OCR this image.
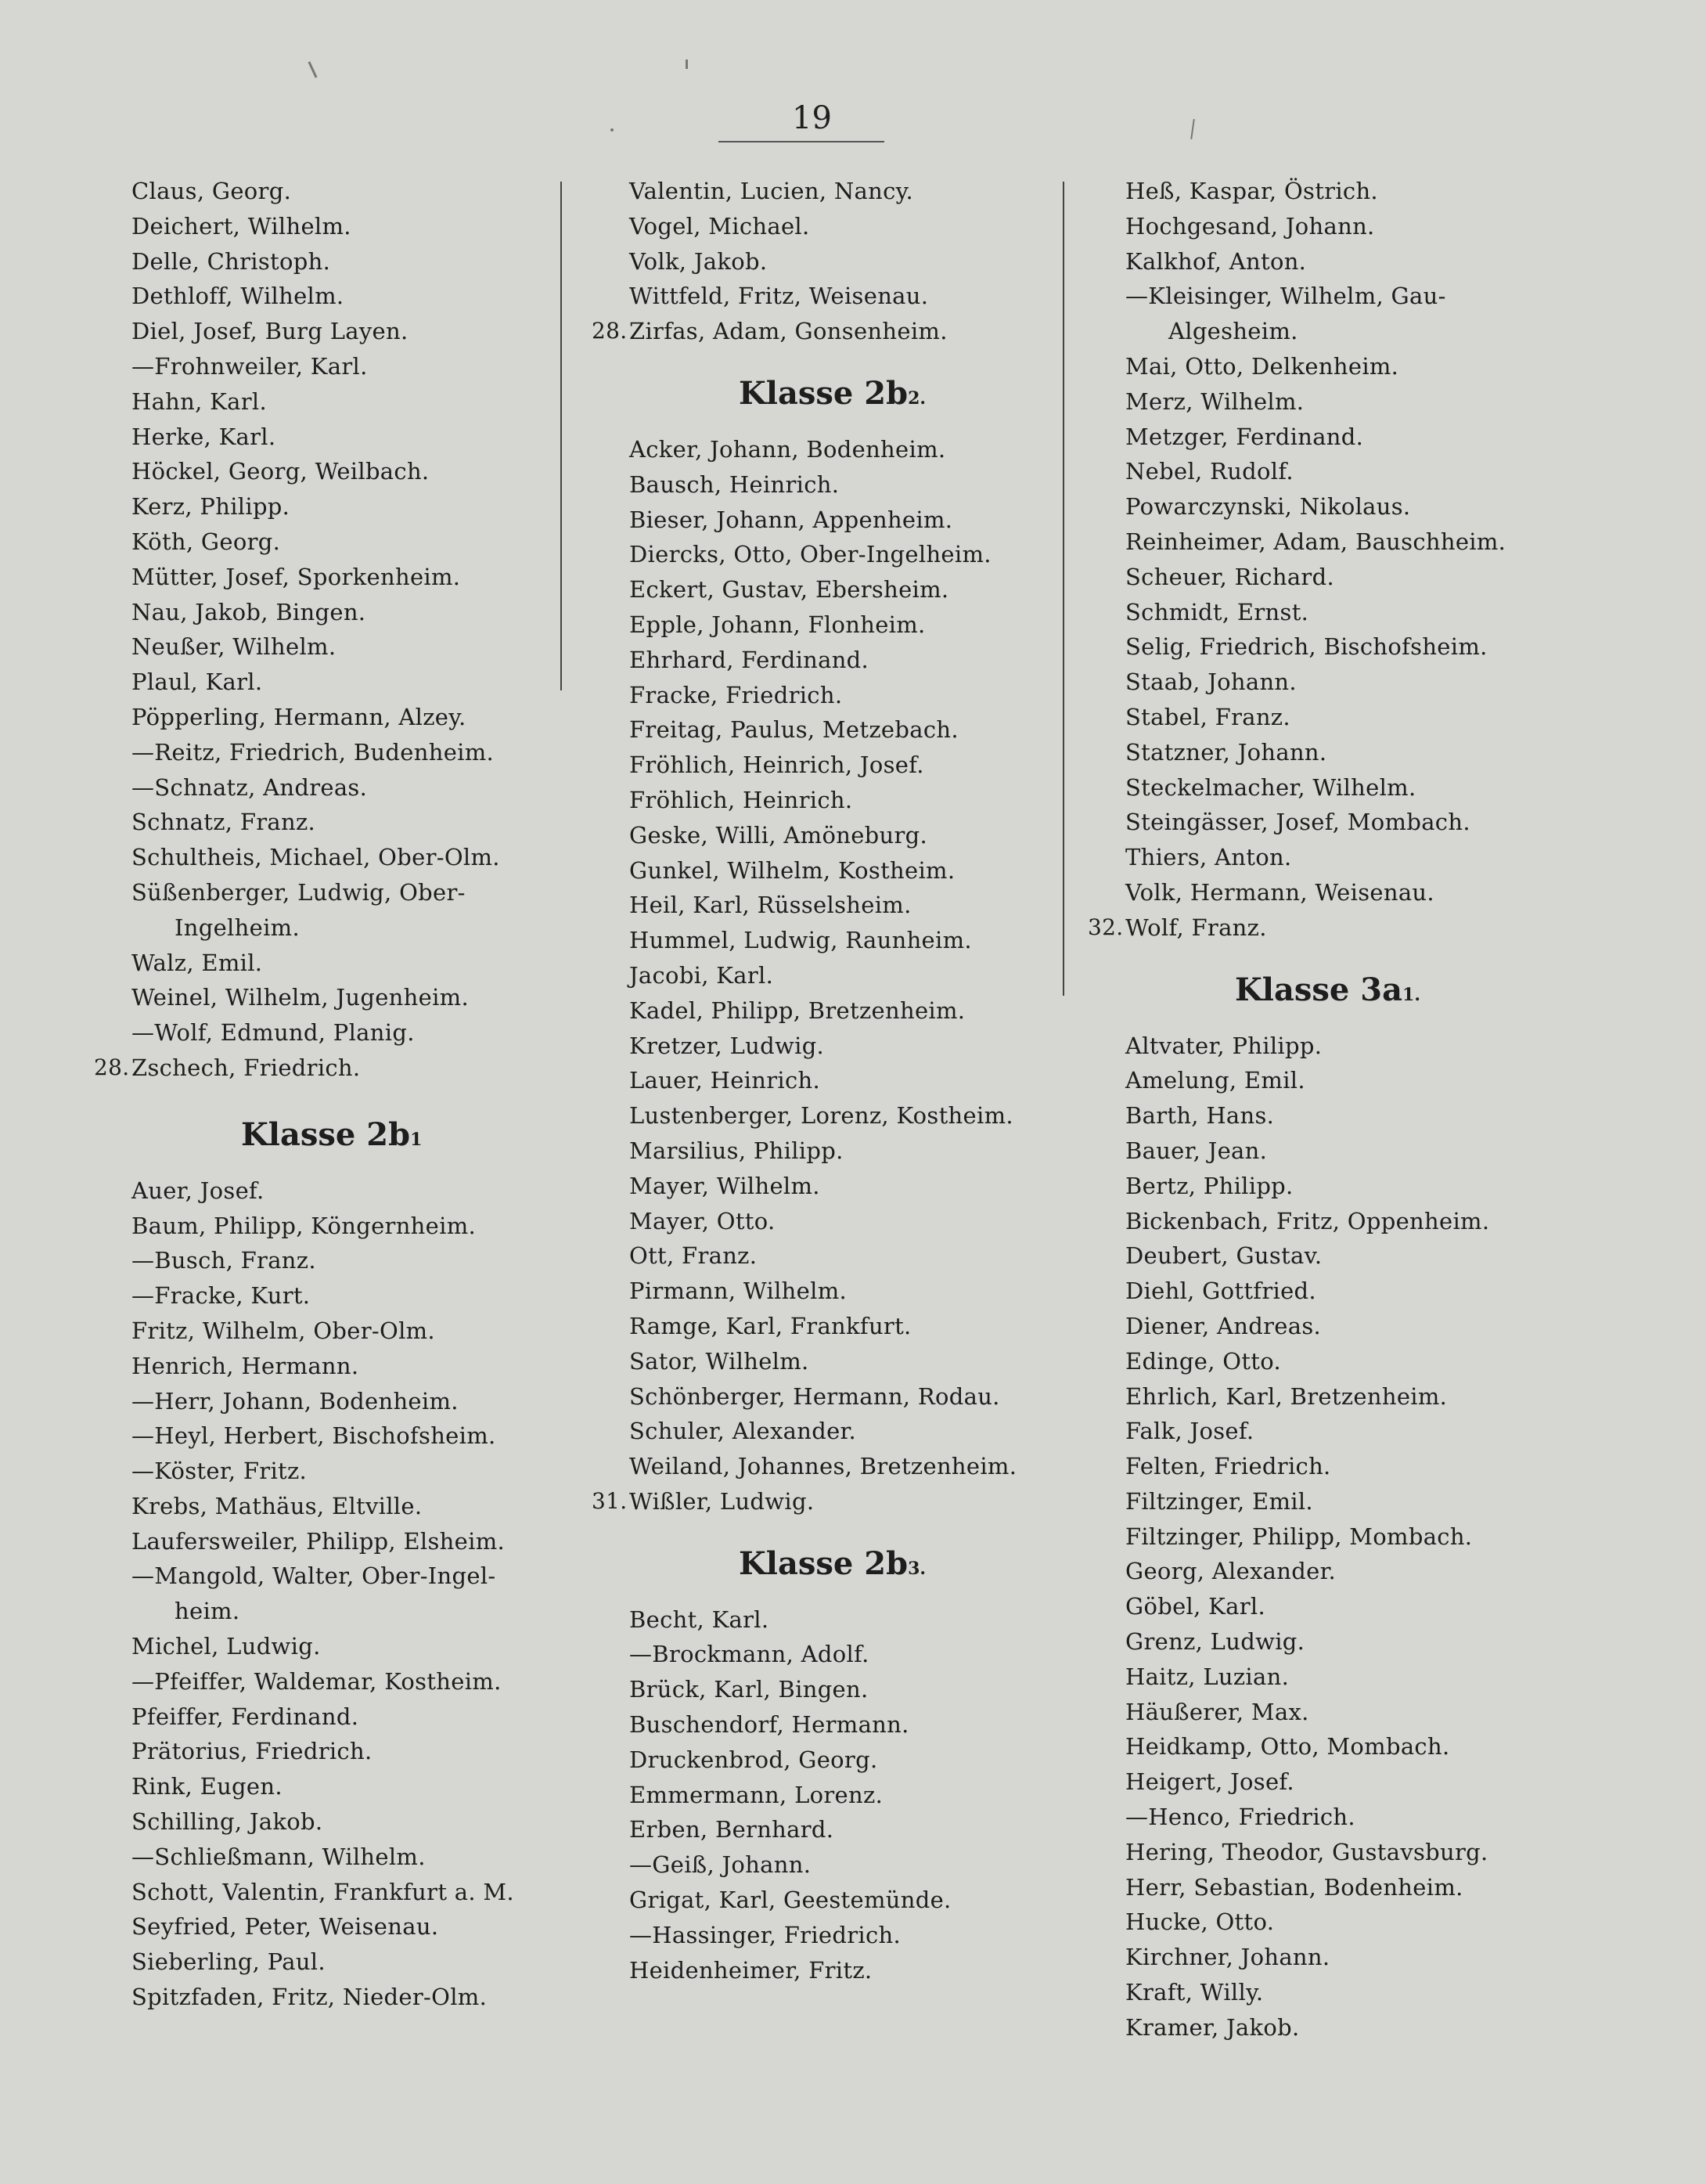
19
Claus, Georg.
Deichert, Wilhelm.
Delle, Christoph.
Dethloff, Wilhelm.
Diel, Josef, Burg Layen.
—Frohnweiler, Karl.
Hahn, Karl.
Herke, Karl.
Höckel, Georg, Weilbach.
Kerz, Philipp.
Köth, Georg.
Mütter, Josef, Sporkenheim.
Nau, Jakob, Bingen.
Neußer, Wilhelm.
Plaul, Karl.
Pöpperling, Hermann, Alzey.
—Reitz, Friedrich, Budenheim.
—Schnatz, Andreas.
Schnatz, Franz.
Schultheis, Michael, Ober-Olm.
Süßenberger, Ludwig, Ober-
Ingelheim.
Walz, Emil.
Weinel, Wilhelm, Jugenheim.
—Wolf, Edmund, Planig.
28. Zschech, Friedrich.
Klasse 2b1
Auer, Josef.
Baum, Philipp, Köngernheim.
—Busch, Franz.
—Fracke, Kurt.
Fritz, Wilhelm, Ober-Olm.
Henrich, Hermann.
—Herr, Johann, Bodenheim.
—Heyl, Herbert, Bischofsheim.
—Köster, Fritz.
Krebs, Mathäus, Eltville.
Laufersweiler, Philipp, Elsheim.
—Mangold, Walter, Ober-Ingel-
heim.
Michel, Ludwig.
—Pfeiffer, Waldemar, Kostheim.
Pfeiffer, Ferdinand.
Prätorius, Friedrich.
Rink, Eugen.
Schilling, Jakob.
—Schließmann, Wilhelm.
Schott, Valentin, Frankfurt a. M.
Seyfried, Peter, Weisenau.
Sieberling, Paul.
Spitzfaden, Fritz, Nieder-Olm.
Valentin, Lucien, Nancy.
Vogel, Michael.
Volk, Jakob.
Wittfeld, Fritz, Weisenau.
28. Zirfas, Adam, Gonsenheim.
Klasse 2b2.
Acker, Johann, Bodenheim.
Bausch, Heinrich.
Bieser, Johann, Appenheim.
Diercks, Otto, Ober-Ingelheim.
Eckert, Gustav, Ebersheim.
Epple, Johann, Flonheim.
Ehrhard, Ferdinand.
Fracke, Friedrich.
Freitag, Paulus, Metzebach.
Fröhlich, Heinrich, Josef.
Fröhlich, Heinrich.
Geske, Willi, Amöneburg.
Gunkel, Wilhelm, Kostheim.
Heil, Karl, Rüsselsheim.
Hummel, Ludwig, Raunheim.
Jacobi, Karl.
Kadel, Philipp, Bretzenheim.
Kretzer, Ludwig.
Lauer, Heinrich.
Lustenberger, Lorenz, Kostheim.
Marsilius, Philipp.
Mayer, Wilhelm.
Mayer, Otto.
Ott, Franz.
Pirmann, Wilhelm.
Ramge, Karl, Frankfurt.
Sator, Wilhelm.
Schönberger, Hermann, Rodau.
Schuler, Alexander.
Weiland, Johannes, Bretzenheim.
31. Wißler, Ludwig.
Klasse 2b3.
Becht, Karl.
—Brockmann, Adolf.
Brück, Karl, Bingen.
Buschendorf, Hermann.
Druckenbrod, Georg.
Emmermann, Lorenz.
Erben, Bernhard.
—Geiß, Johann.
Grigat, Karl, Geestemünde.
—Hassinger, Friedrich.
Heidenheimer, Fritz.
Heß, Kaspar, Östrich.
Hochgesand, Johann.
Kalkhof, Anton.
—Kleisinger, Wilhelm, Gau-
Algesheim.
Mai, Otto, Delkenheim.
Merz, Wilhelm.
Metzger, Ferdinand.
Nebel, Rudolf.
Powarczynski, Nikolaus.
Reinheimer, Adam, Bauschheim.
Scheuer, Richard.
Schmidt, Ernst.
Selig, Friedrich, Bischofsheim.
Staab, Johann.
Stabel, Franz.
Statzner, Johann.
Steckelmacher, Wilhelm.
Steingässer, Josef, Mombach.
Thiers, Anton.
Volk, Hermann, Weisenau.
32. Wolf, Franz.
Klasse 3a1.
Altvater, Philipp.
Amelung, Emil.
Barth, Hans.
Bauer, Jean.
Bertz, Philipp.
Bickenbach, Fritz, Oppenheim.
Deubert, Gustav.
Diehl, Gottfried.
Diener, Andreas.
Edinge, Otto.
Ehrlich, Karl, Bretzenheim.
Falk, Josef.
Felten, Friedrich.
Filtzinger, Emil.
Filtzinger, Philipp, Mombach.
Georg, Alexander.
Göbel, Karl.
Grenz, Ludwig.
Haitz, Luzian.
Häußerer, Max.
Heidkamp, Otto, Mombach.
Heigert, Josef.
—Henco, Friedrich.
Hering, Theodor, Gustavsburg.
Herr, Sebastian, Bodenheim.
Hucke, Otto.
Kirchner, Johann.
Kraft, Willy.
Kramer, Jakob.
